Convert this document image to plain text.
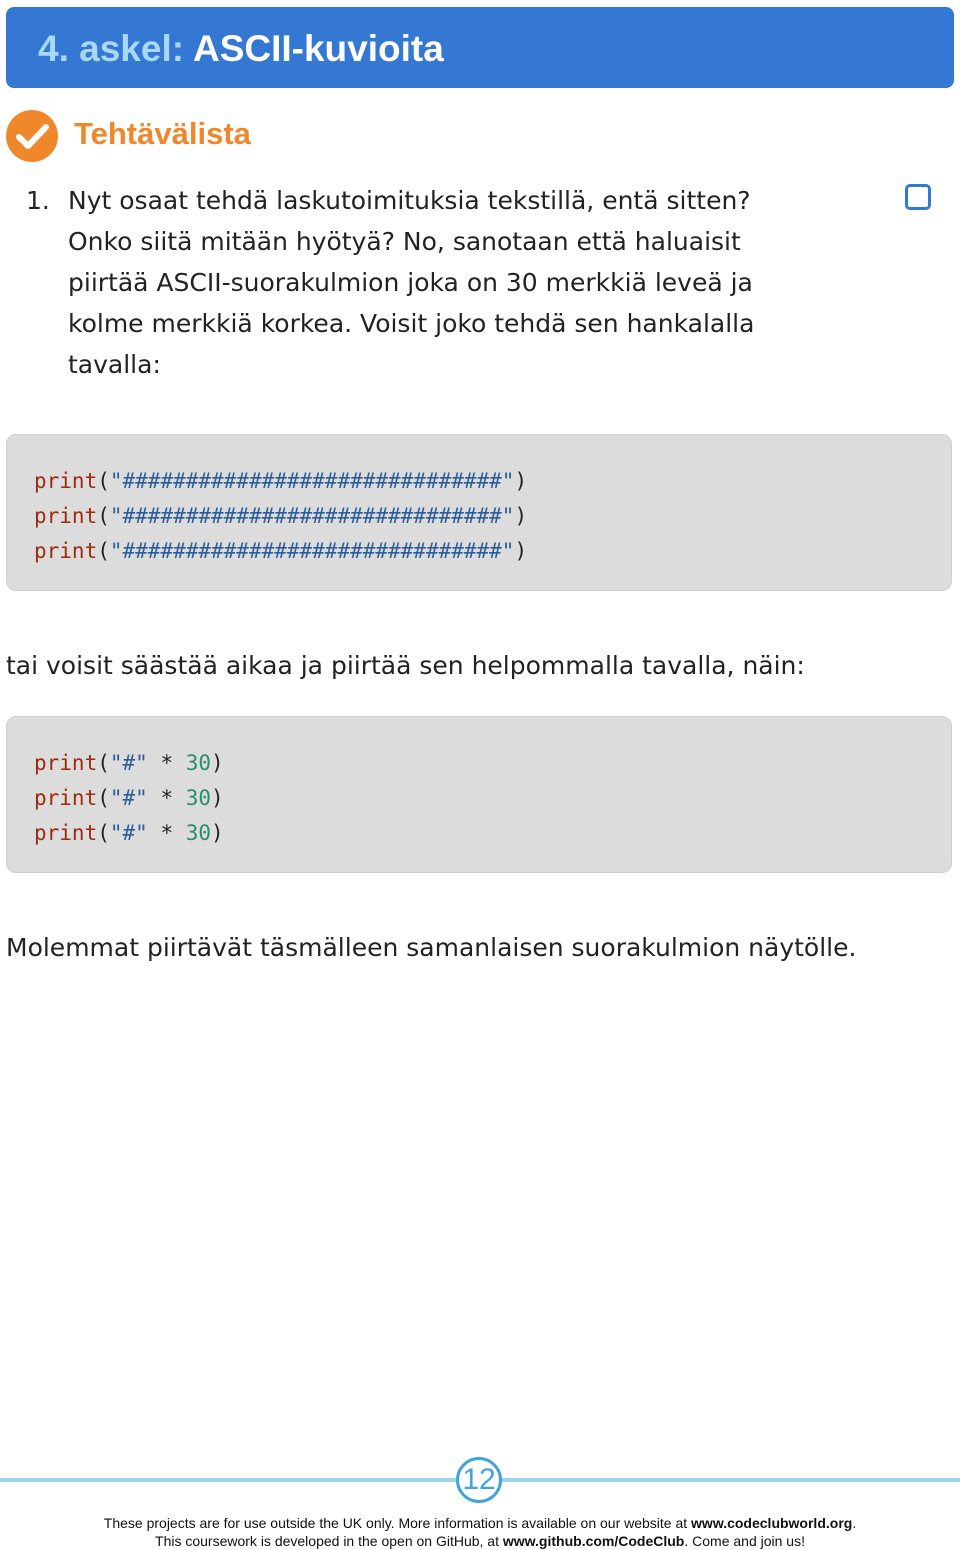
4. askel: ASCII-kuvioita
Tehtävälista
1. Nyt osaat tehdä laskutoimituksia tekstillä, entä sitten?
Onko siitä mitään hyötyä? No, sanotaan että haluaisit
piirtää ASCII-suorakulmion joka on 30 merkkiä leveä ja
kolme merkkiä korkea. Voisit joko tehdä sen hankalalla
tavalla:
print("##############################")
print("##############################")
print("##############################")
tai voisit säästää aikaa ja piirtää sen helpommalla tavalla, näin:
print("#" * 30)
print("#" * 30)
print("#" * 30)
Molemmat piirtävät täsmälleen samanlaisen suorakulmion näytölle.
12
These projects are for use outside the UK only. More information is available on our website at www.codeclubworld.org.
This coursework is developed in the open on GitHub, at www.github.com/CodeClub. Come and join us!
